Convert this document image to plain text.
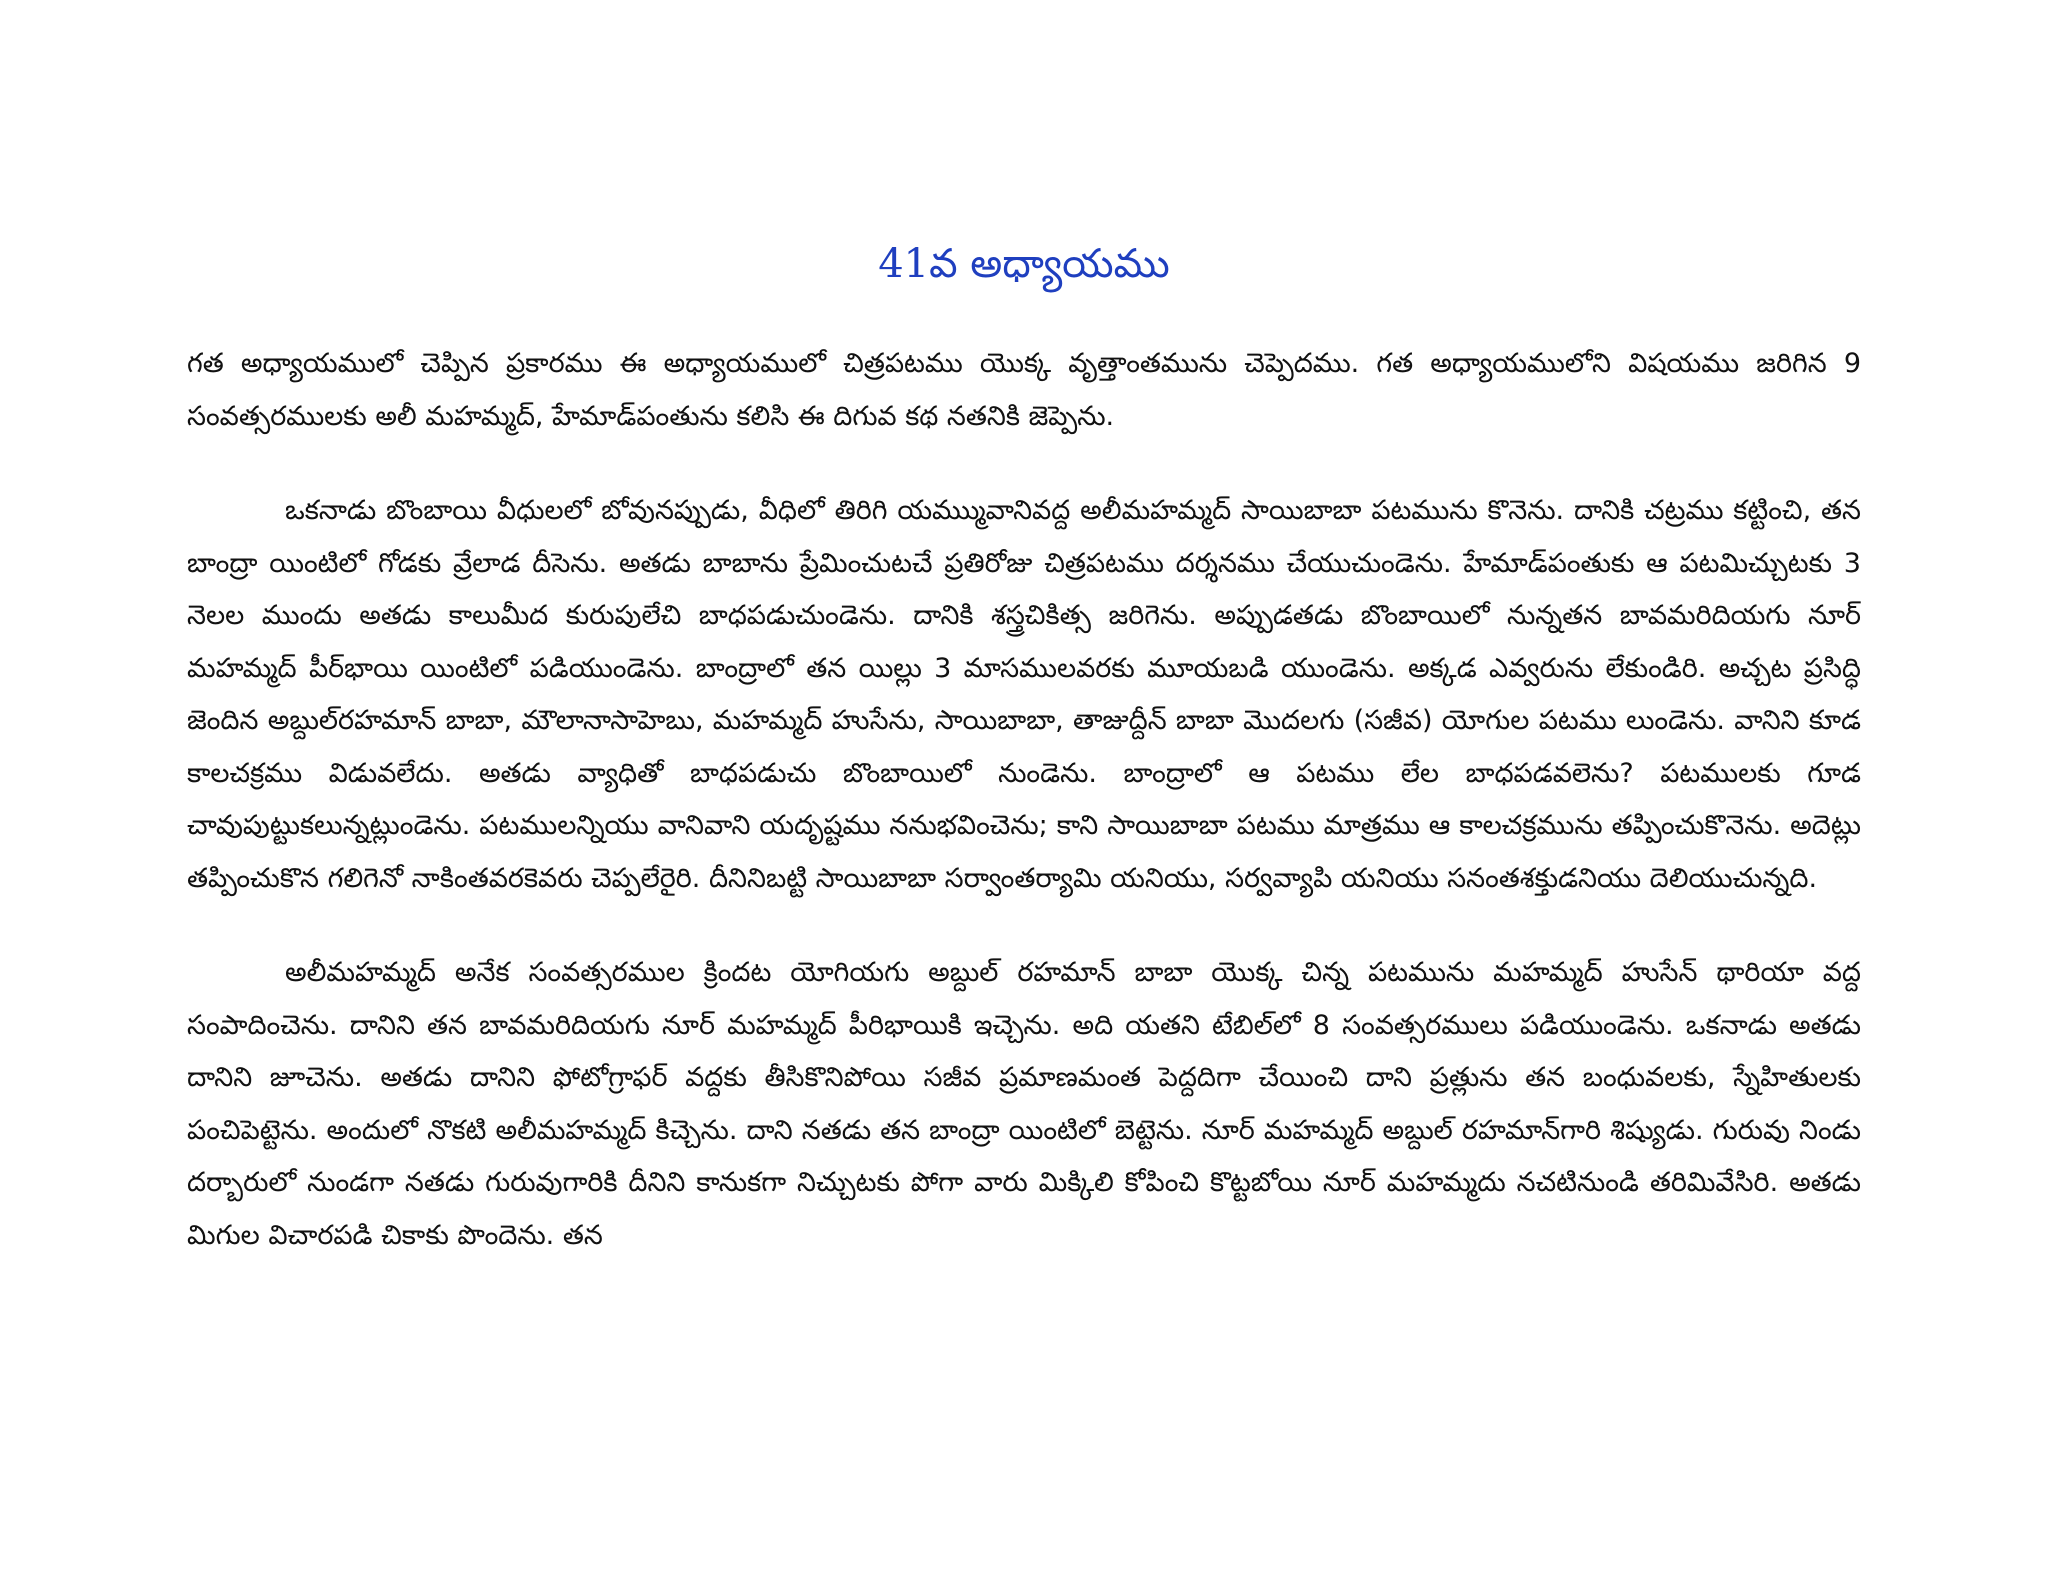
41వ అధ్యాయము

గత అధ్యాయములో చెప్పిన ప్రకారము ఈ అధ్యాయములో చిత్రపటము యొక్క వృత్తాంతమును చెప్పెదము. గత అధ్యాయములోని విషయము జరిగిన 9 సంవత్సరములకు అలీ మహమ్మద్, హేమాడ్‌పంతును కలిసి ఈ దిగువ కథ నతనికి జెప్పెను.

ఒకనాడు బొంబాయి వీధులలో బోవునప్పుడు, వీధిలో తిరిగి యమ్ముువానివద్ద అలీమహమ్మద్ సాయిబాబా పటమును కొనెను. దానికి చట్రము కట్టించి, తన బాంద్రా యింటిలో గోడకు వ్రేలాడ దీసెను. అతడు బాబాను ప్రేమించుటచే ప్రతిరోజు చిత్రపటము దర్శనము చేయుచుండెను. హేమాడ్‌పంతుకు ఆ పటమిచ్చుటకు 3 నెలల ముందు అతడు కాలుమీద కురుపులేచి బాధపడుచుండెను. దానికి శస్త్రచికిత్స జరిగెను. అప్పుడతడు బొంబాయిలో నున్నతన బావమరిదియగు నూర్ మహమ్మద్ పీర్‌భాయి యింటిలో పడియుండెను. బాంద్రాలో తన యిల్లు 3 మాసములవరకు మూయబడి యుండెను. అక్కడ ఎవ్వరును లేకుండిరి. అచ్చట ప్రసిద్ధి జెందిన అబ్దుల్‌రహమాన్ బాబా, మౌలానాసాహెబు, మహమ్మద్ హుసేను, సాయిబాబా, తాజుద్దీన్ బాబా మొదలగు (సజీవ) యోగుల పటము లుండెను. వానిని కూడ కాలచక్రము విడువలేదు. అతడు వ్యాధితో బాధపడుచు బొంబాయిలో నుండెను. బాంద్రాలో ఆ పటము లేల బాధపడవలెను? పటములకు గూడ చావుపుట్టుకలున్నట్లుండెను. పటములన్నియు వానివాని యదృష్టము ననుభవించెను; కాని సాయిబాబా పటము మాత్రము ఆ కాలచక్రమును తప్పించుకొనెను. అదెట్లు తప్పించుకొన గలిగెనో నాకింతవరకెవరు చెప్పలేరైరి. దీనినిబట్టి సాయిబాబా సర్వాంతర్యామి యనియు, సర్వవ్యాపి యనియు సనంతశక్తుడనియు దెలియుచున్నది.

అలీమహమ్మద్ అనేక సంవత్సరముల క్రిందట యోగియగు అబ్దుల్ రహమాన్ బాబా యొక్క చిన్న పటమును మహమ్మద్ హుసేన్ థారియా వద్ద సంపాదించెను. దానిని తన బావమరిదియగు నూర్ మహమ్మద్ పీరిభాయికి ఇచ్చెను. అది యతని టేబిల్‌లో 8 సంవత్సరములు పడియుండెను. ఒకనాడు అతడు దానిని జూచెను. అతడు దానిని ఫోటోగ్రాఫర్ వద్దకు తీసికొనిపోయి సజీవ ప్రమాణమంత పెద్దదిగా చేయించి దాని ప్రత్లును తన బంధువలకు, స్నేహితులకు పంచిపెట్టెను. అందులో నొకటి అలీమహమ్మద్ కిచ్చెను. దాని నతడు తన బాంద్రా యింటిలో బెట్టెను. నూర్ మహమ్మద్ అబ్దుల్ రహమాన్‌గారి శిష్యుడు. గురువు నిండు దర్బారులో నుండగా నతడు గురువుగారికి దీనిని కానుకగా నిచ్చుటకు పోగా వారు మిక్కిలి కోపించి కొట్టబోయి నూర్ మహమ్మదు నచటినుండి తరిమివేసిరి. అతడు మిగుల విచారపడి చికాకు పొందెను. తన
